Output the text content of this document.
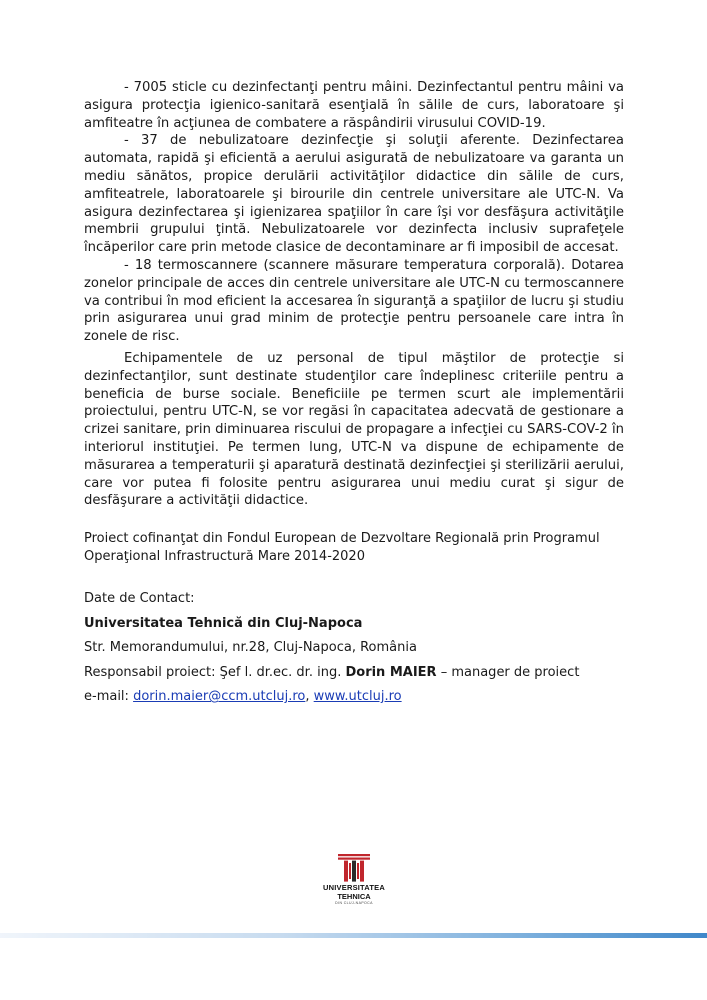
- 7005 sticle cu dezinfectanţi pentru mâini. Dezinfectantul pentru mâini va asigura protecţia igienico-sanitară esenţială în sălile de curs, laboratoare şi amfiteatre în acţiunea de combatere a răspândirii virusului COVID-19.

- 37 de nebulizatoare dezinfecţie şi soluţii aferente. Dezinfectarea automata, rapidă şi eficientă a aerului asigurată de nebulizatoare va garanta un mediu sănătos, propice derulării activităţilor didactice din sălile de curs, amfiteatrele, laboratoarele şi birourile din centrele universitare ale UTC-N. Va asigura dezinfectarea şi igienizarea spaţiilor în care îşi vor desfăşura activităţile membrii grupului ţintă. Nebulizatoarele vor dezinfecta inclusiv suprafeţele încăperilor care prin metode clasice de decontaminare ar fi imposibil de accesat.

- 18 termoscannere (scannere măsurare temperatura corporală). Dotarea zonelor principale de acces din centrele universitare ale UTC-N cu termoscannere va contribui în mod eficient la accesarea în siguranţă a spaţiilor de lucru şi studiu prin asigurarea unui grad minim de protecţie pentru persoanele care intra în zonele de risc.

Echipamentele de uz personal de tipul măştilor de protecţie si dezinfectanţilor, sunt destinate studenţilor care îndeplinesc criteriile pentru a beneficia de burse sociale. Beneficiile pe termen scurt ale implementării proiectului, pentru UTC-N, se vor regăsi în capacitatea adecvată de gestionare a crizei sanitare, prin diminuarea riscului de propagare a infecţiei cu SARS-COV-2 în interiorul instituţiei. Pe termen lung, UTC-N va dispune de echipamente de măsurarea a temperaturii şi aparatură destinată dezinfecţiei şi sterilizării aerului, care vor putea fi folosite pentru asigurarea unui mediu curat şi sigur de desfăşurare a activităţii didactice.

Proiect cofinanţat din Fondul European de Dezvoltare Regională prin Programul Operaţional Infrastructură Mare 2014-2020
Date de Contact:
Universitatea Tehnică din Cluj-Napoca
Str. Memorandumului, nr.28, Cluj-Napoca, România
Responsabil proiect: Şef l. dr.ec. dr. ing. Dorin MAIER – manager de proiect
e-mail: dorin.maier@ccm.utcluj.ro, www.utcluj.ro
UNIVERSITATEA
TEHNICA
DIN CLUJ-NAPOCA
